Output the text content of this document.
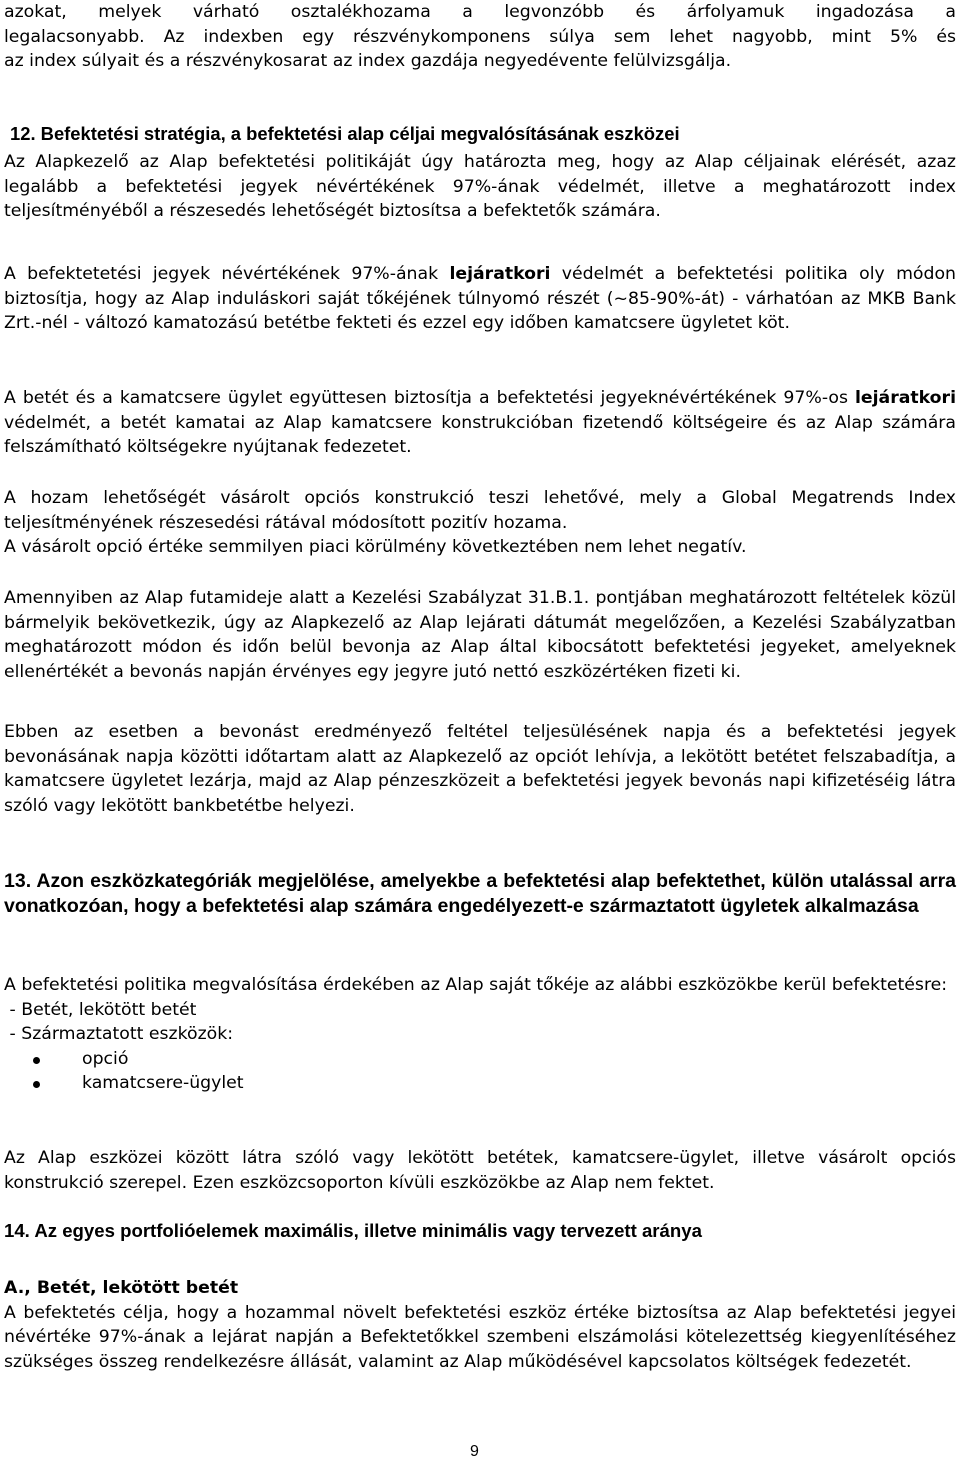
azokat, melyek várható osztalékhozama a legvonzóbb és árfolyamuk ingadozása a
legalacsonyabb. Az indexben egy részvénykomponens súlya sem lehet nagyobb, mint 5% és
az index súlyait és a részvénykosarat az index gazdája negyedévente felülvizsgálja.
12. Befektetési stratégia, a befektetési alap céljai megvalósításának eszközei

Az Alapkezelő az Alap befektetési politikáját úgy határozta meg, hogy az Alap céljainak elérését, azaz legalább a befektetési jegyek névértékének 97%-ának védelmét, illetve a meghatározott index teljesítményéből a részesedés lehetőségét biztosítsa a befektetők számára.

A befektetetési jegyek névértékének 97%-ának lejáratkori védelmét a befektetési politika oly módon biztosítja, hogy az Alap induláskori saját tőkéjének túlnyomó részét (~85-90%-át) - várhatóan az MKB Bank Zrt.-nél - változó kamatozású betétbe fekteti és ezzel egy időben kamatcsere ügyletet köt.

A betét és a kamatcsere ügylet együttesen biztosítja a befektetési jegyeknévértékének 97%-os lejáratkori védelmét, a betét kamatai az Alap kamatcsere konstrukcióban fizetendő költségeire és az Alap számára felszámítható költségekre nyújtanak fedezetet.

A hozam lehetőségét vásárolt opciós konstrukció teszi lehetővé, mely a Global Megatrends Index teljesítményének részesedési rátával módosított pozitív hozama.

A vásárolt opció értéke semmilyen piaci körülmény következtében nem lehet negatív.

Amennyiben az Alap futamideje alatt a Kezelési Szabályzat 31.B.1. pontjában meghatározott feltételek közül bármelyik bekövetkezik, úgy az Alapkezelő az Alap lejárati dátumát megelőzően, a Kezelési Szabályzatban meghatározott módon és időn belül bevonja az Alap által kibocsátott befektetési jegyeket, amelyeknek ellenértékét a bevonás napján érvényes egy jegyre jutó nettó eszközértéken fizeti ki.

Ebben az esetben a bevonást eredményező feltétel teljesülésének napja és a befektetési jegyek bevonásának napja közötti időtartam alatt az Alapkezelő az opciót lehívja, a lekötött betétet felszabadítja, a kamatcsere ügyletet lezárja, majd az Alap pénzeszközeit a befektetési jegyek bevonás napi kifizetéséig látra szóló vagy lekötött bankbetétbe helyezi.

13. Azon eszközkategóriák megjelölése, amelyekbe a befektetési alap befektethet, külön utalással arra vonatkozóan, hogy a befektetési alap számára engedélyezett-e származtatott ügyletek alkalmazása

A befektetési politika megvalósítása érdekében az Alap saját tőkéje az alábbi eszközökbe kerül befektetésre:

- Betét, lekötött betét
- Származtatott eszközök:
opció
kamatcsere-ügylet

Az Alap eszközei között látra szóló vagy lekötött betétek, kamatcsere-ügylet, illetve vásárolt opciós konstrukció szerepel. Ezen eszközcsoporton kívüli eszközökbe az Alap nem fektet.

14. Az egyes portfolióelemek maximális, illetve minimális vagy tervezett aránya

A., Betét, lekötött betét

A befektetés célja, hogy a hozammal növelt befektetési eszköz értéke biztosítsa az Alap befektetési jegyei névértéke 97%-ának a lejárat napján a Befektetőkkel szembeni elszámolási kötelezettség kiegyenlítéséhez szükséges összeg rendelkezésre állását, valamint az Alap működésével kapcsolatos költségek fedezetét.

9
